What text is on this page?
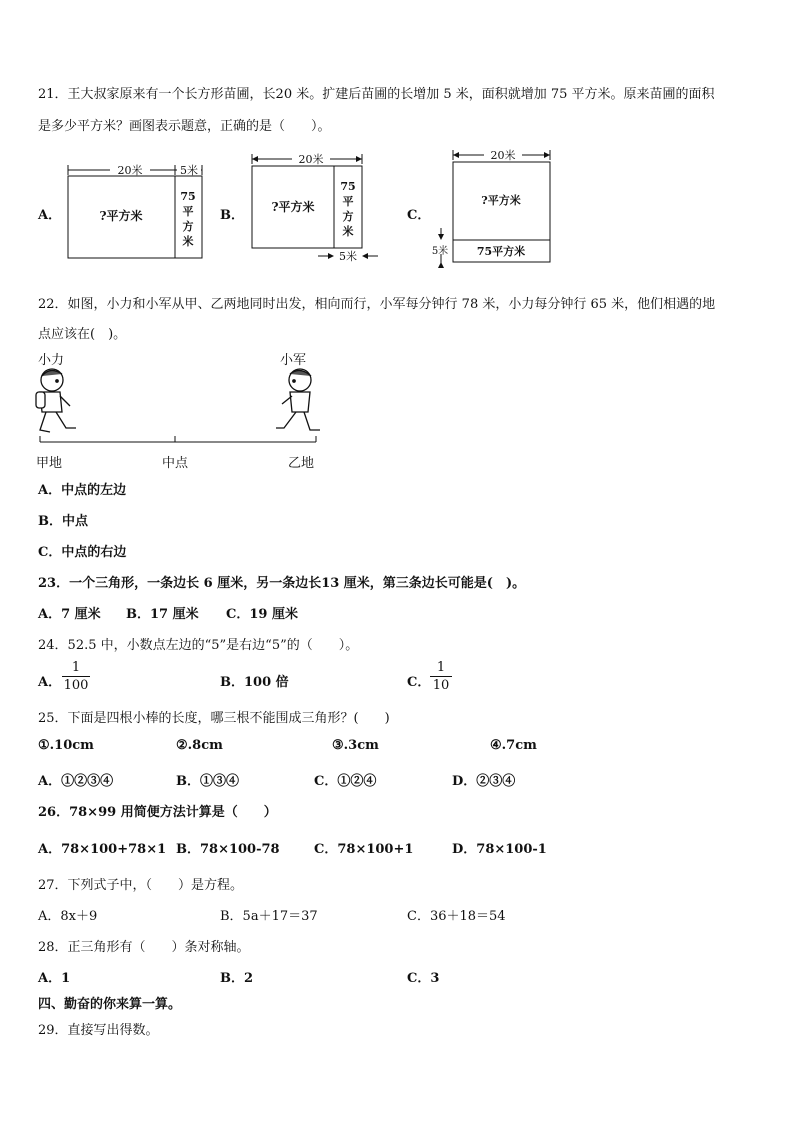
21．王大叔家原来有一个长方形苗圃，长20 米。扩建后苗圃的长增加 5 米，面积就增加 75 平方米。原来苗圃的面积
是多少平方米？画图表示题意，正确的是（　　）。
A．
20米	5米
?平方米
75
平
方
米
B．
20米
?平方米
75
平
方
米
5米
C．
20米
?平方米
75平方米
5米
22．如图，小力和小军从甲、乙两地同时出发，相向而行，小军每分钟行 78 米，小力每分钟行 65 米，他们相遇的地
点应该在(　)。
小力	小军
甲地	中点	乙地
A．中点的左边
B．中点
C．中点的右边
23．一个三角形，一条边长 6 厘米，另一条边长13 厘米，第三条边长可能是(　)。
A．7 厘米 B．17 厘米 C．19 厘米
24．52.5 中，小数点左边的“5”是右边“5”的（　　）。
A．
1
100	B．100 倍	C．
1
10
25．下面是四根小棒的长度，哪三根不能围成三角形？(　　)
①.10cm	②.8cm	③.3cm	④.7cm
A．①②③④	B．①③④	C．①②④	D．②③④
26．78×99 用简便方法计算是（　　）
A．78×100+78×1 B．78×100-78	C．78×100+1	D．78×100-1
27．下列式子中，（　　）是方程。
A．8x＋9	B．5a＋17＝37	C．36＋18＝54
28．正三角形有（　　）条对称轴。
A．1	B．2	C．3
四、勤奋的你来算一算。
29．直接写出得数。
